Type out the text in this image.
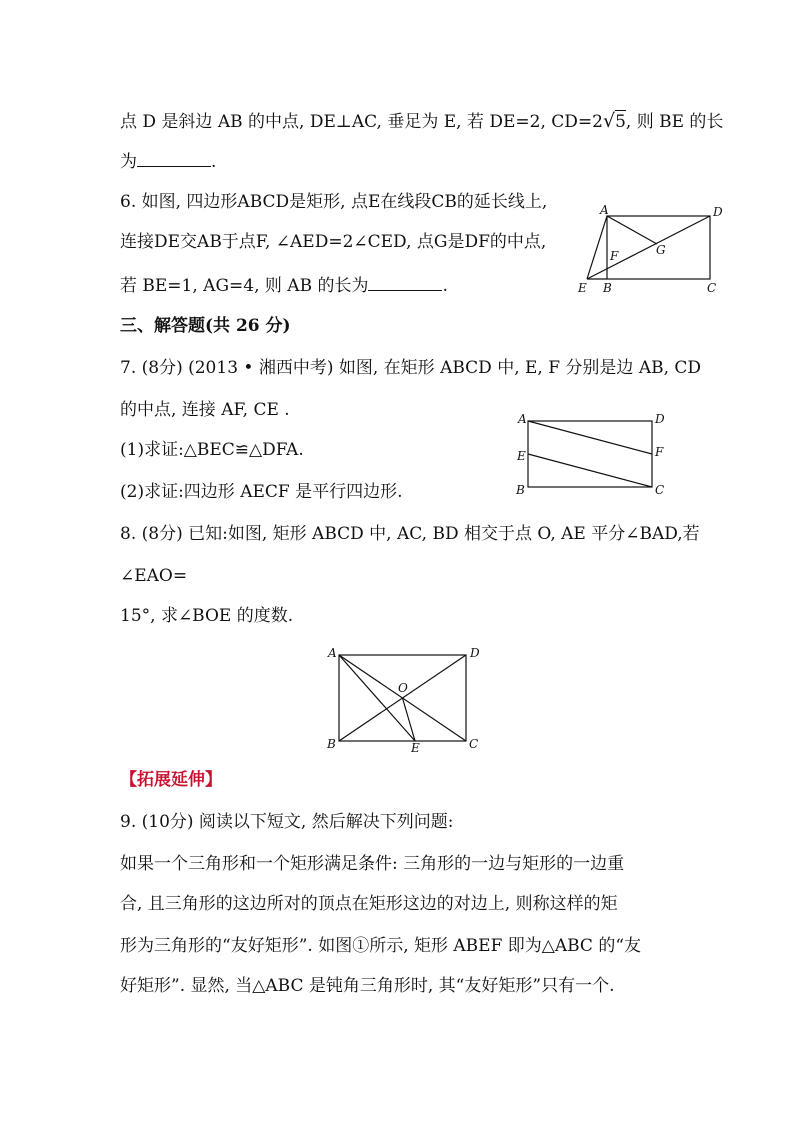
点 D 是斜边 AB 的中点, DE⊥AC, 垂足为 E, 若 DE=2, CD=2√5, 则 BE 的长
为	.
6. 如图, 四边形ABCD是矩形, 点E在线段CB的延长线上,
连接DE交AB于点F, ∠AED=2∠CED, 点G是DF的中点,
若 BE=1, AG=4, 则 AB 的长为	.
A	D
B	C
E
F	G
三、解答题(共 26 分)
7. (8分) (2013 • 湘西中考) 如图, 在矩形 ABCD 中, E, F 分别是边 AB, CD
的中点, 连接 AF, CE .
(1)求证:△BEC≌△DFA.
(2)求证:四边形 AECF 是平行四边形.
A	D
F
E
B	C
8. (8分) 已知:如图, 矩形 ABCD 中, AC, BD 相交于点 O, AE 平分∠BAD,若
∠EAO=
15°, 求∠BOE 的度数.
A	D
O
B	E	C
【拓展延伸】
9. (10分) 阅读以下短文, 然后解决下列问题:
如果一个三角形和一个矩形满足条件: 三角形的一边与矩形的一边重
合, 且三角形的这边所对的顶点在矩形这边的对边上, 则称这样的矩
形为三角形的“友好矩形”. 如图①所示, 矩形 ABEF 即为△ABC 的“友
好矩形”. 显然, 当△ABC 是钝角三角形时, 其“友好矩形”只有一个.
